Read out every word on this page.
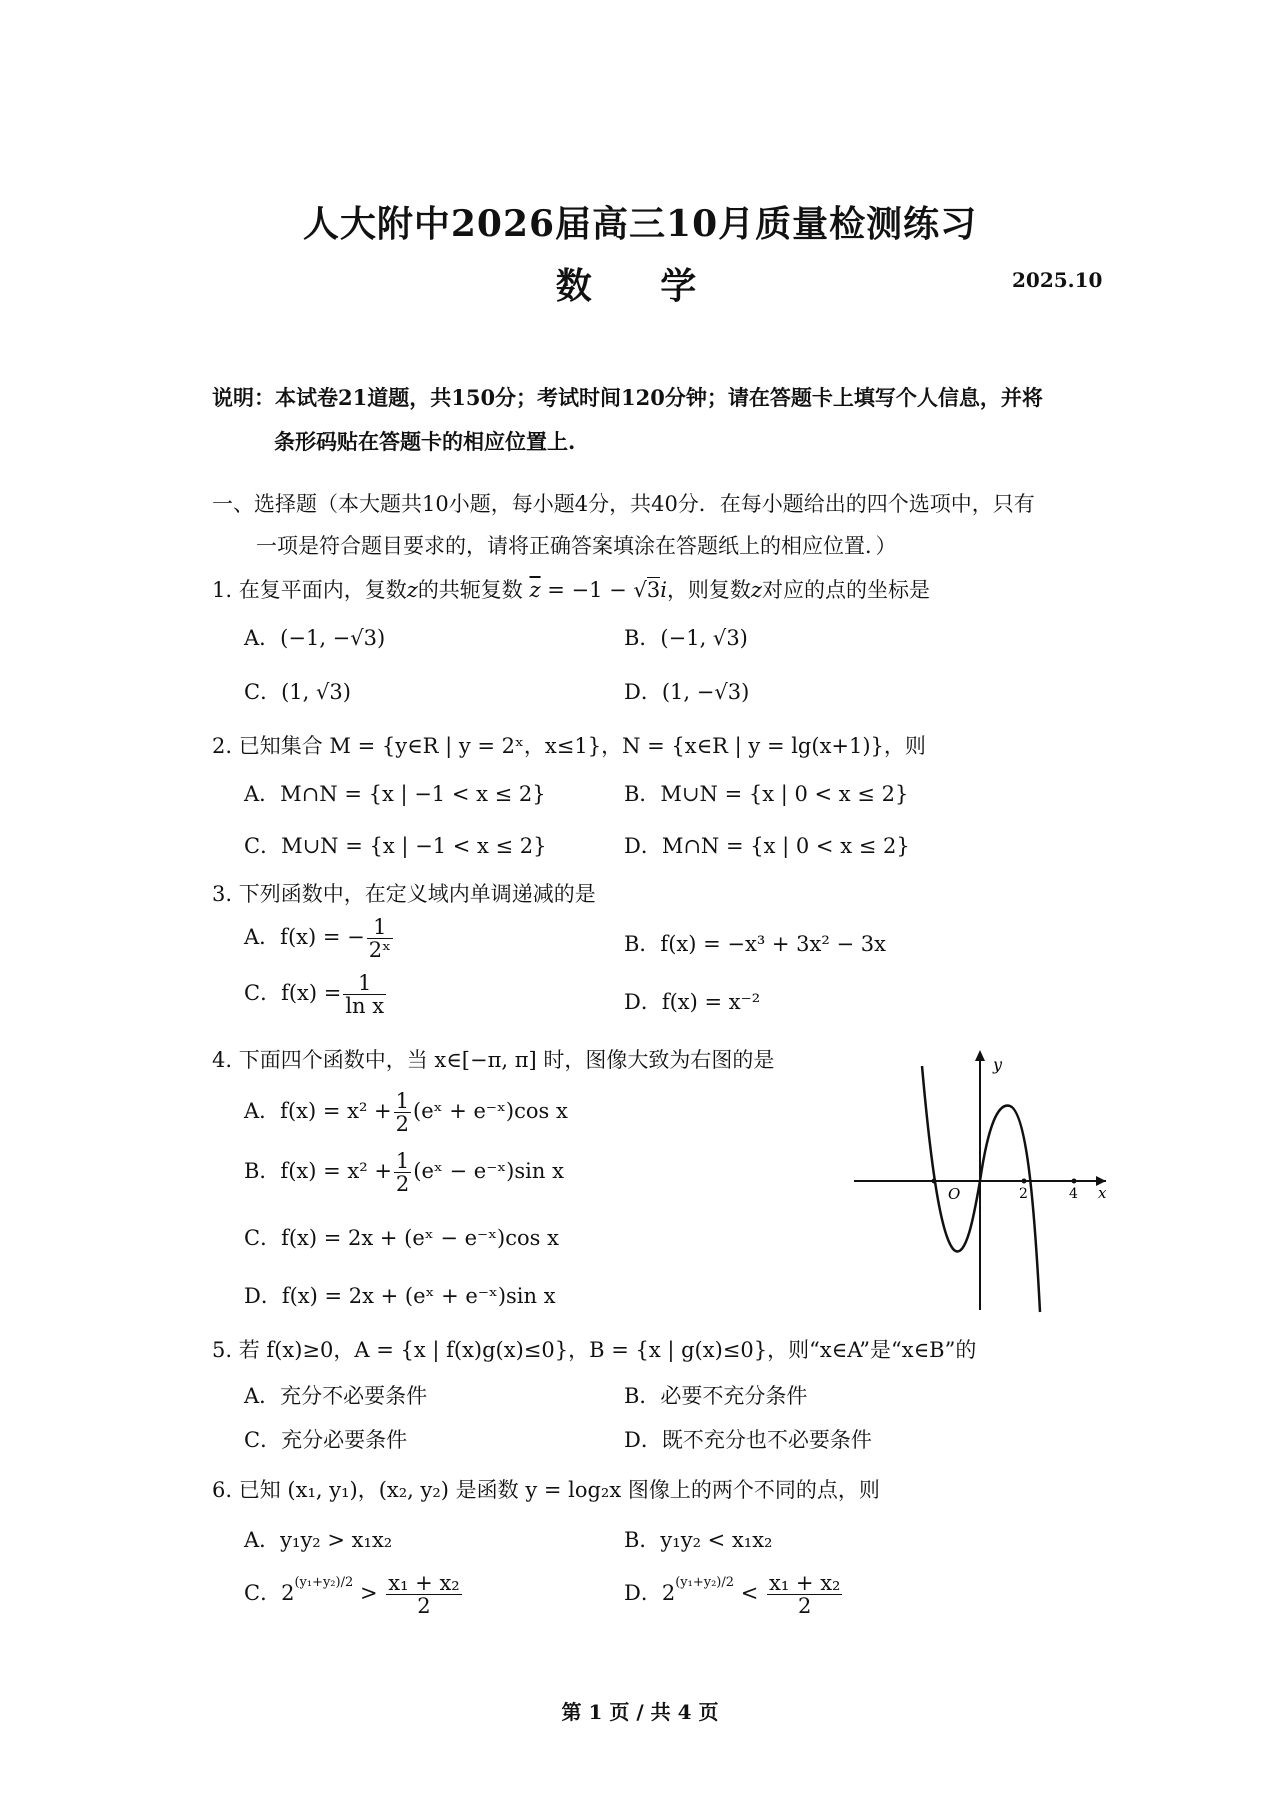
人大附中2026届高三10月质量检测练习
数 学	2025.10
说明：本试卷21道题，共150分；考试时间120分钟；请在答题卡上填写个人信息，并将
条形码贴在答题卡的相应位置上.
一、选择题（本大题共10小题，每小题4分，共40分．在每小题给出的四个选项中，只有
一项是符合题目要求的，请将正确答案填涂在答题纸上的相应位置．）
1. 在复平面内，复数z的共轭复数 $\overline{z} = -1 - √3i$，则复数z对应的点的坐标是
A．(−1, −√3)	B．(−1, √3)
C．(1, √3)	D．(1, −√3)
2. 已知集合 M = {y∈R | y = 2ˣ，x≤1}，N = {x∈R | y = lg(x+1)}，则
A．M∩N = {x | −1 < x ≤ 2}	B．M∪N = {x | 0 < x ≤ 2}
C．M∪N = {x | −1 < x ≤ 2}	D．M∩N = {x | 0 < x ≤ 2}
3. 下列函数中，在定义域内单调递减的是
A．f(x) = − $\frac{1}{\text{2ˣ}}$	B．f(x) = −x³ + 3x² − 3x
C．$f(x) = \frac{1}{\text{ln x}}$	D．f(x) = x⁻²
4. 下面四个函数中，当 x∈[−π, π] 时，图像大致为右图的是
A．$f(x) = x^2 + \frac{1}{2}$ (eˣ + e⁻ˣ)cos x
B．$f(x) = x^2 + \frac{1}{2}$ (eˣ − e⁻ˣ)sin x
C．f(x) = 2x + (eˣ − e⁻ˣ)cos x
D．f(x) = 2x + (eˣ + e⁻ˣ)sin x
y
x
O	2	4
5. 若 f(x)≥0，A = {x | f(x)g(x)≤0}，B = {x | g(x)≤0}，则“x∈A”是“x∈B”的
A．充分不必要条件	B．必要不充分条件
C．充分必要条件	D．既不充分也不必要条件
6. 已知 (x₁, y₁)，(x₂, y₂) 是函数 y = log₂x 图像上的两个不同的点，则
A．y₁y₂ > x₁x₂	B．y₁y₂ < x₁x₂
C．$2^{(y_1+y_2)/2} > \frac{\text{x₁ + x₂}}{2}$	D．$2^{(y_1+y_2)/2} < \frac{\text{x₁ + x₂}}{2}$
第 1 页 / 共 4 页
